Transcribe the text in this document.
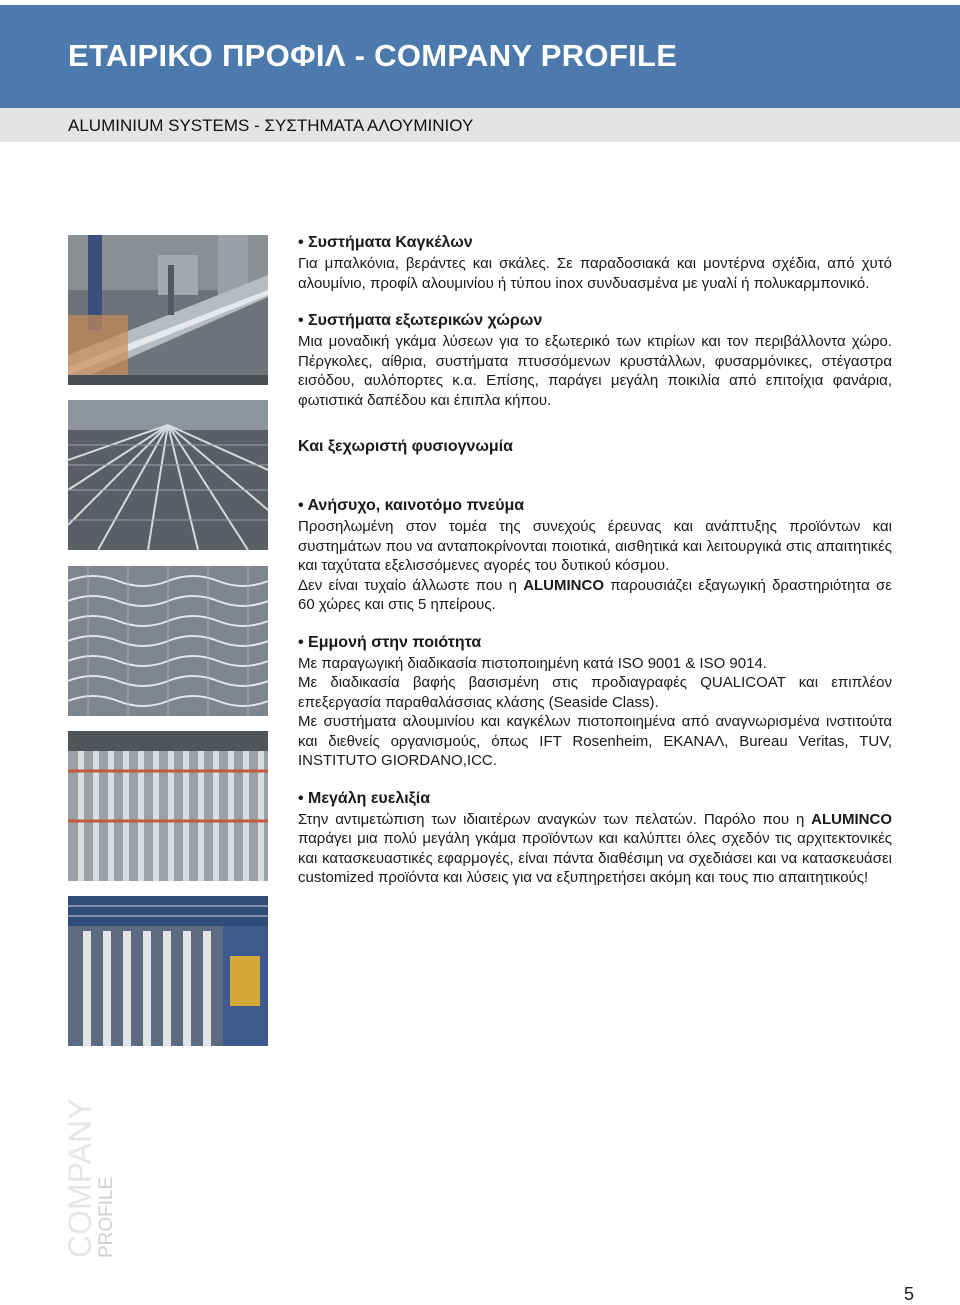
ΕΤΑΙΡΙΚΟ ΠΡΟΦΙΛ - COMPANY PROFILE
ALUMINIUM SYSTEMS - ΣΥΣΤΗΜΑΤΑ ΑΛΟΥΜΙΝΙΟΥ
• Συστήματα Καγκέλων

Για μπαλκόνια, βεράντες και σκάλες. Σε παραδοσιακά και μοντέρνα σχέδια, από χυτό αλουμίνιο, προφίλ αλουμινίου ή τύπου inox συνδυασμένα με γυαλί ή πολυκαρμπονικό.

• Συστήματα εξωτερικών χώρων

Μια μοναδική γκάμα λύσεων για το εξωτερικό των κτιρίων και τον περιβάλλοντα χώρο. Πέργκολες, αίθρια, συστήματα πτυσσόμενων κρυστάλλων, φυσαρμόνικες, στέγαστρα εισόδου, αυλόπορτες κ.α. Επίσης, παράγει μεγάλη ποικιλία από επιτοίχια φανάρια, φωτιστικά δαπέδου και έπιπλα κήπου.

Και ξεχωριστή φυσιογνωμία
• Ανήσυχο, καινοτόμο πνεύμα

Προσηλωμένη στον τομέα της συνεχούς έρευνας και ανάπτυξης προϊόντων και συστημάτων που να ανταποκρίνονται ποιοτικά, αισθητικά και λειτουργικά στις απαιτητικές και ταχύτατα εξελισσόμενες αγορές του δυτικού κόσμου.

Δεν είναι τυχαίο άλλωστε που η ALUMINCO παρουσιάζει εξαγωγική δραστηριότητα σε 60 χώρες και στις 5 ηπείρους.

• Εμμονή στην ποιότητα

Με παραγωγική διαδικασία πιστοποιημένη κατά ISO 9001 & ISO 9014.

Με διαδικασία βαφής βασισμένη στις προδιαγραφές QUALICOAT και επιπλέον επεξεργασία παραθαλάσσιας κλάσης (Seaside Class).

Με συστήματα αλουμινίου και καγκέλων πιστοποιημένα από αναγνωρισμένα ινστιτούτα και διεθνείς οργανισμούς, όπως IFT Rosenheim, ΕΚΑΝΑΛ, Bureau Veritas, TUV, INSTITUTO GIORDANO,ICC.

• Μεγάλη ευελιξία

Στην αντιμετώπιση των ιδιαιτέρων αναγκών των πελατών. Παρόλο που η ALUMINCO παράγει μια πολύ μεγάλη γκάμα προϊόντων και καλύπτει όλες σχεδόν τις αρχιτεκτονικές και κατασκευαστικές εφαρμογές, είναι πάντα διαθέσιμη να σχεδιάσει και να κατασκευάσει customized προϊόντα και λύσεις για να εξυπηρετήσει ακόμη και τους πιο απαιτητικούς!

COMPANY
PROFILE
5
